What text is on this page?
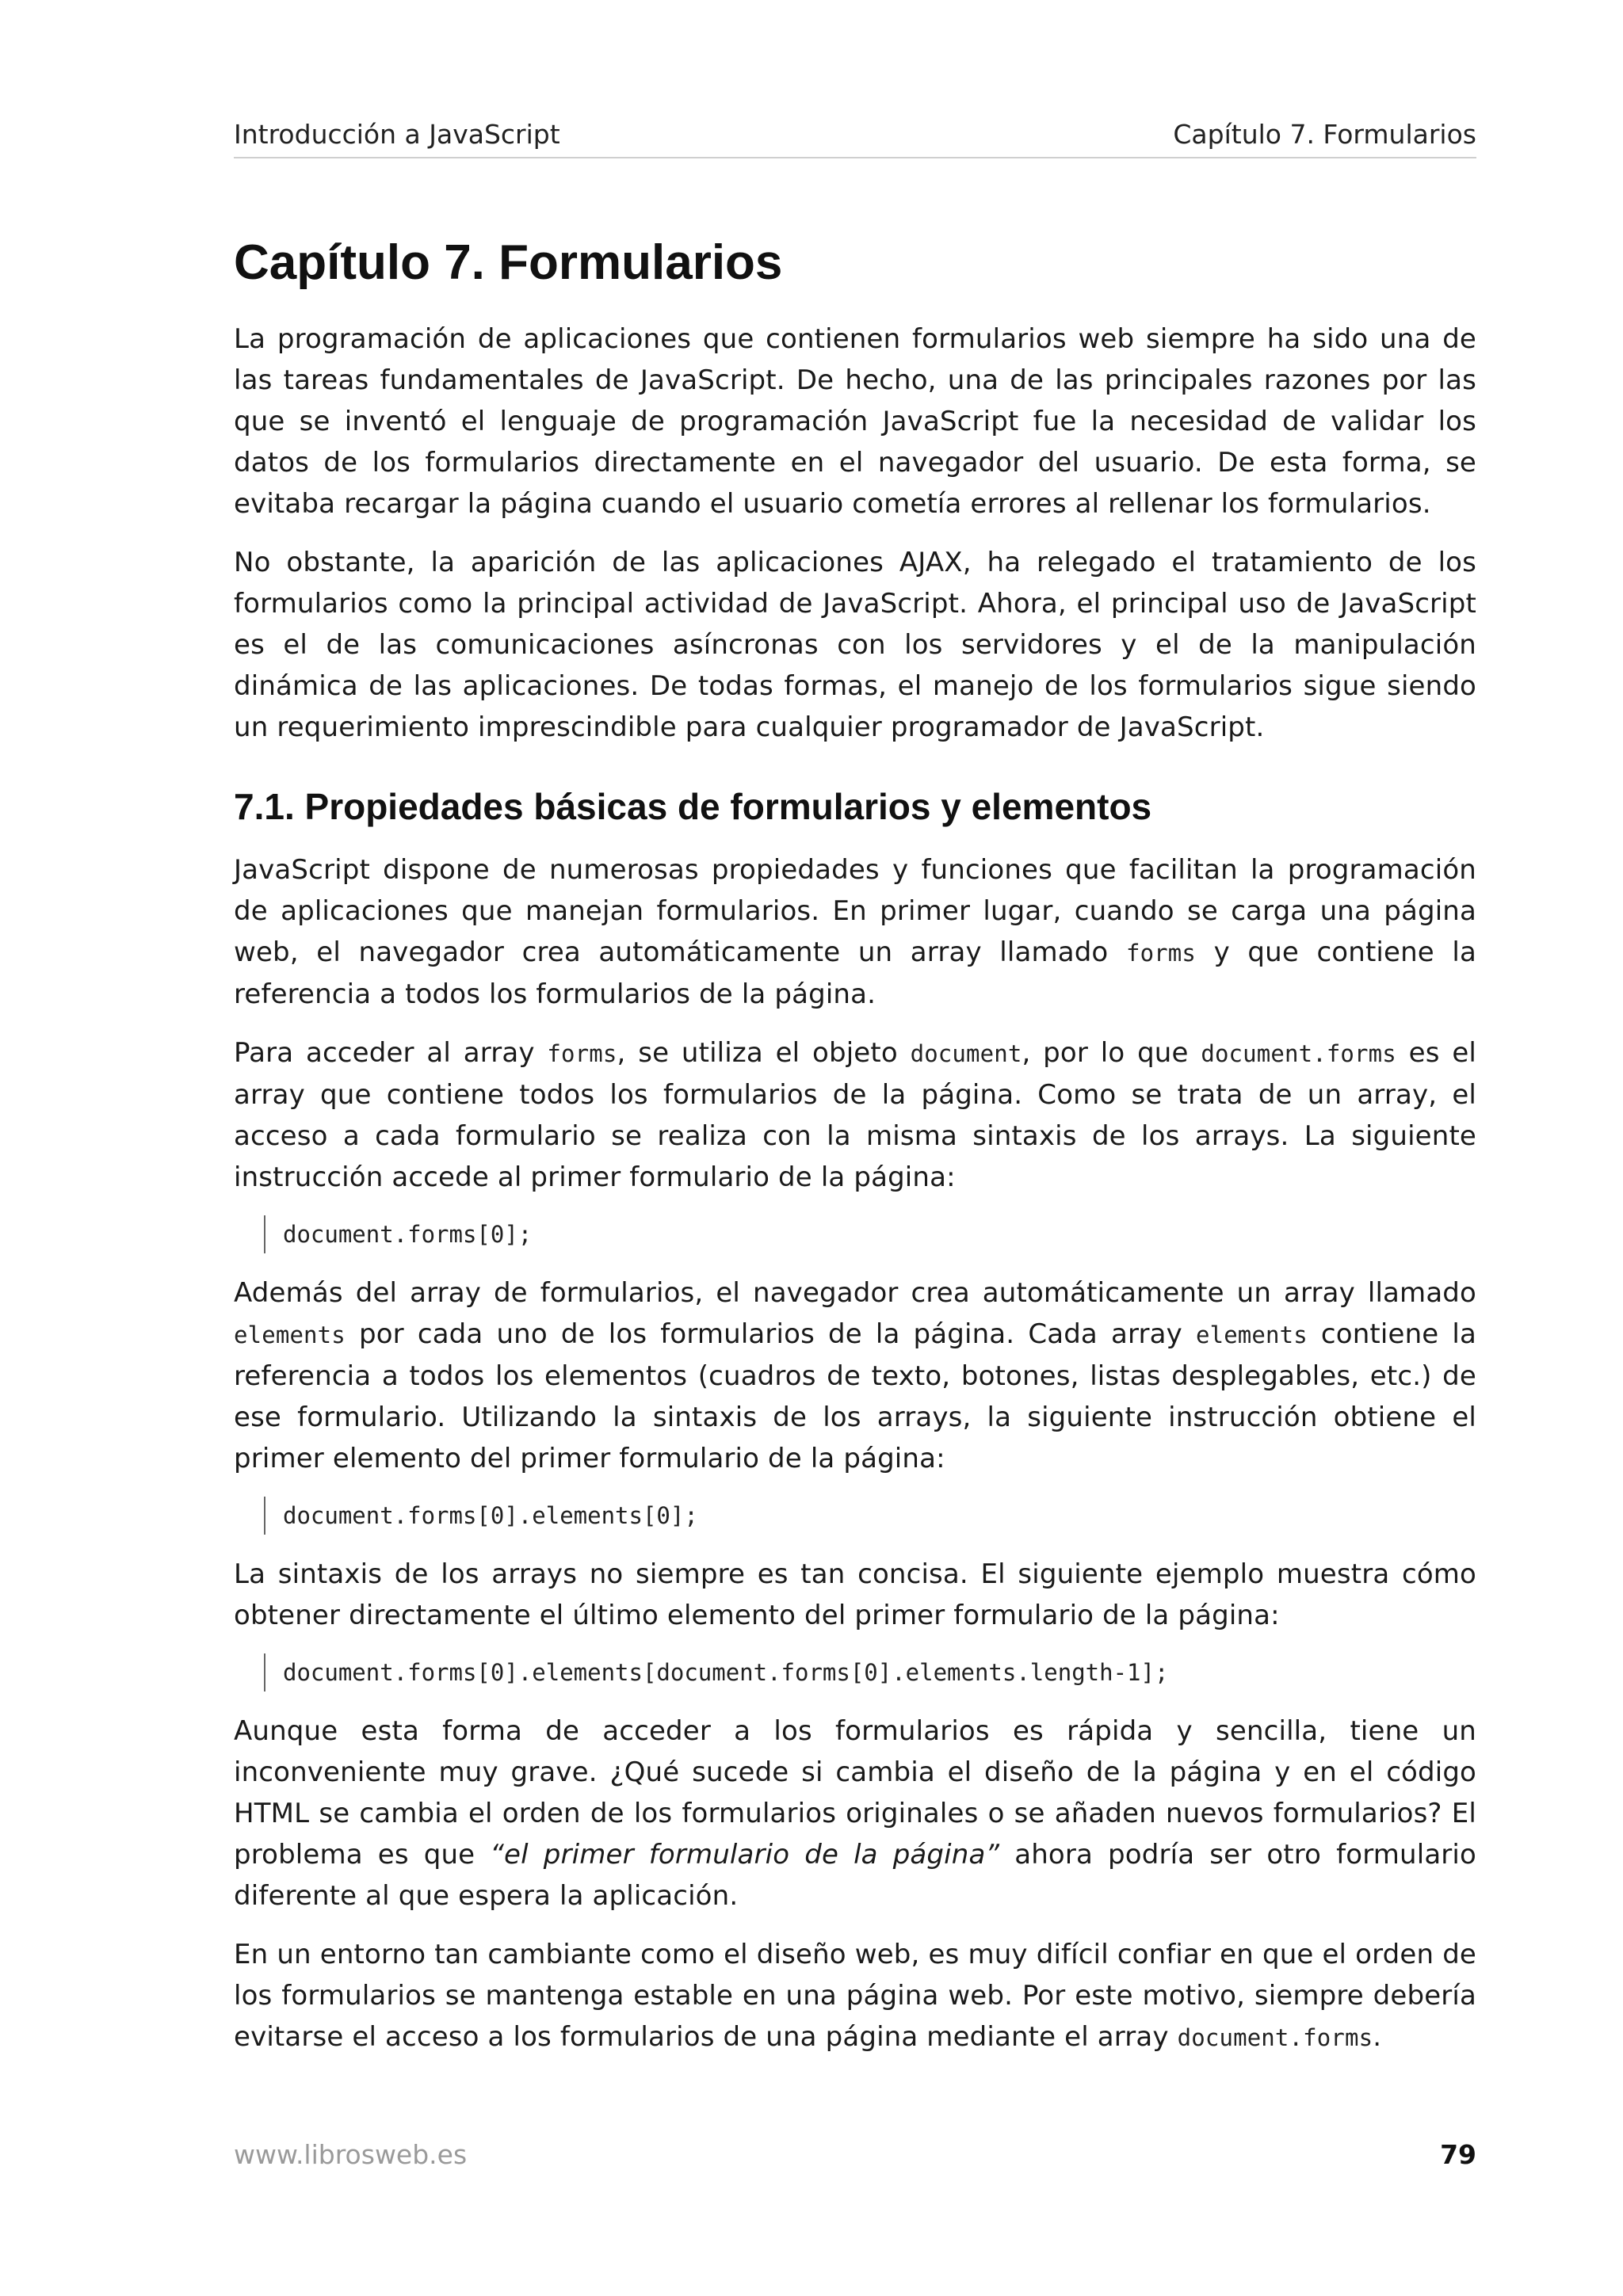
Introducción a JavaScript	Capítulo 7. Formularios
Capítulo 7. Formularios

La programación de aplicaciones que contienen formularios web siempre ha sido una de las tareas fundamentales de JavaScript. De hecho, una de las principales razones por las que se inventó el lenguaje de programación JavaScript fue la necesidad de validar los datos de los formularios directamente en el navegador del usuario. De esta forma, se evitaba recargar la página cuando el usuario cometía errores al rellenar los formularios.

No obstante, la aparición de las aplicaciones AJAX, ha relegado el tratamiento de los formularios como la principal actividad de JavaScript. Ahora, el principal uso de JavaScript es el de las comunicaciones asíncronas con los servidores y el de la manipulación dinámica de las aplicaciones. De todas formas, el manejo de los formularios sigue siendo un requerimiento imprescindible para cualquier programador de JavaScript.

7.1. Propiedades básicas de formularios y elementos

JavaScript dispone de numerosas propiedades y funciones que facilitan la programación de aplicaciones que manejan formularios. En primer lugar, cuando se carga una página web, el navegador crea automáticamente un array llamado forms y que contiene la referencia a todos los formularios de la página.

Para acceder al array forms, se utiliza el objeto document, por lo que document.forms es el array que contiene todos los formularios de la página. Como se trata de un array, el acceso a cada formulario se realiza con la misma sintaxis de los arrays. La siguiente instrucción accede al primer formulario de la página:

document.forms[0];

Además del array de formularios, el navegador crea automáticamente un array llamado elements por cada uno de los formularios de la página. Cada array elements contiene la referencia a todos los elementos (cuadros de texto, botones, listas desplegables, etc.) de ese formulario. Utilizando la sintaxis de los arrays, la siguiente instrucción obtiene el primer elemento del primer formulario de la página:

document.forms[0].elements[0];

La sintaxis de los arrays no siempre es tan concisa. El siguiente ejemplo muestra cómo obtener directamente el último elemento del primer formulario de la página:

document.forms[0].elements[document.forms[0].elements.length-1];

Aunque esta forma de acceder a los formularios es rápida y sencilla, tiene un inconveniente muy grave. ¿Qué sucede si cambia el diseño de la página y en el código HTML se cambia el orden de los formularios originales o se añaden nuevos formularios? El problema es que “el primer formulario de la página” ahora podría ser otro formulario diferente al que espera la aplicación.

En un entorno tan cambiante como el diseño web, es muy difícil confiar en que el orden de los formularios se mantenga estable en una página web. Por este motivo, siempre debería evitarse el acceso a los formularios de una página mediante el array document.forms.

www.librosweb.es	79
